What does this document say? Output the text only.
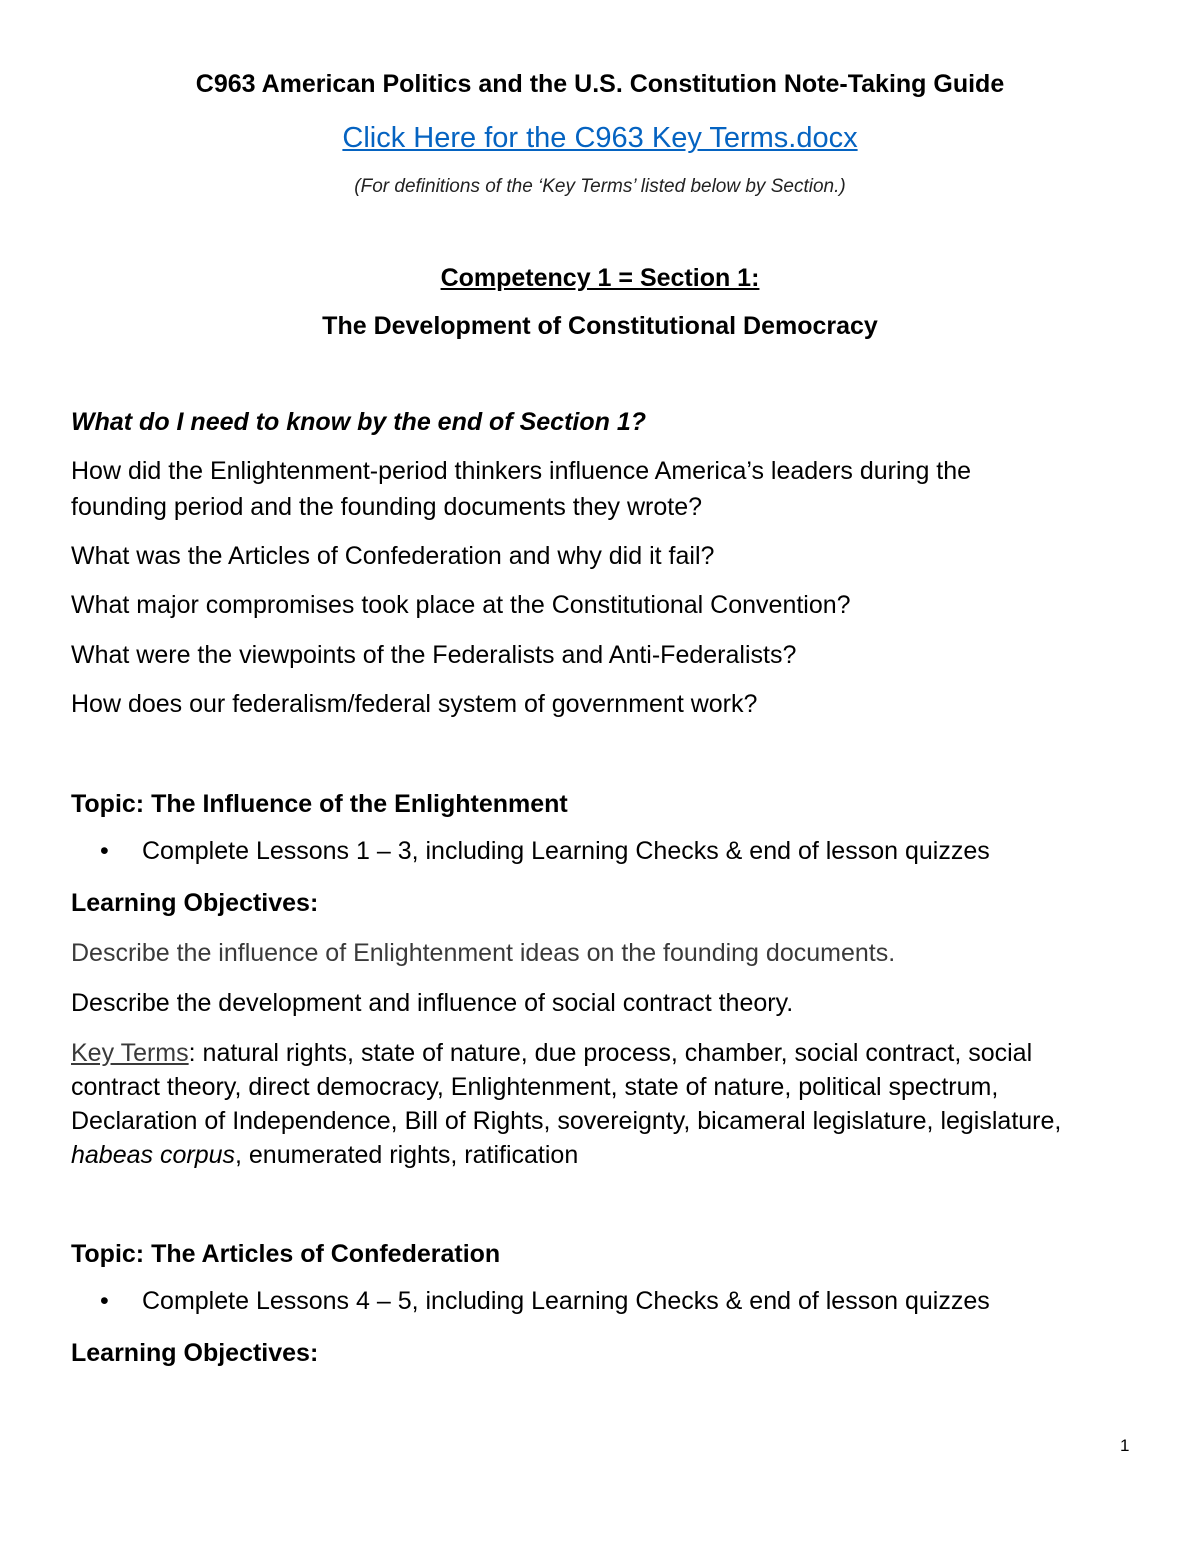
C963 American Politics and the U.S. Constitution Note-Taking Guide
Click Here for the C963 Key Terms.docx
(For definitions of the ‘Key Terms’ listed below by Section.)
Competency 1 = Section 1:
The Development of Constitutional Democracy
What do I need to know by the end of Section 1?
How did the Enlightenment-period thinkers influence America’s leaders during the
founding period and the founding documents they wrote?
What was the Articles of Confederation and why did it fail?
What major compromises took place at the Constitutional Convention?
What were the viewpoints of the Federalists and Anti-Federalists?
How does our federalism/federal system of government work?
Topic: The Influence of the Enlightenment
• Complete Lessons 1 – 3, including Learning Checks & end of lesson quizzes
Learning Objectives:
Describe the influence of Enlightenment ideas on the founding documents.
Describe the development and influence of social contract theory.
Key Terms: natural rights, state of nature, due process, chamber, social contract, social contract theory, direct democracy, Enlightenment, state of nature, political spectrum, Declaration of Independence, Bill of Rights, sovereignty, bicameral legislature, legislature, habeas corpus, enumerated rights, ratification
Topic: The Articles of Confederation
• Complete Lessons 4 – 5, including Learning Checks & end of lesson quizzes
Learning Objectives:
1
